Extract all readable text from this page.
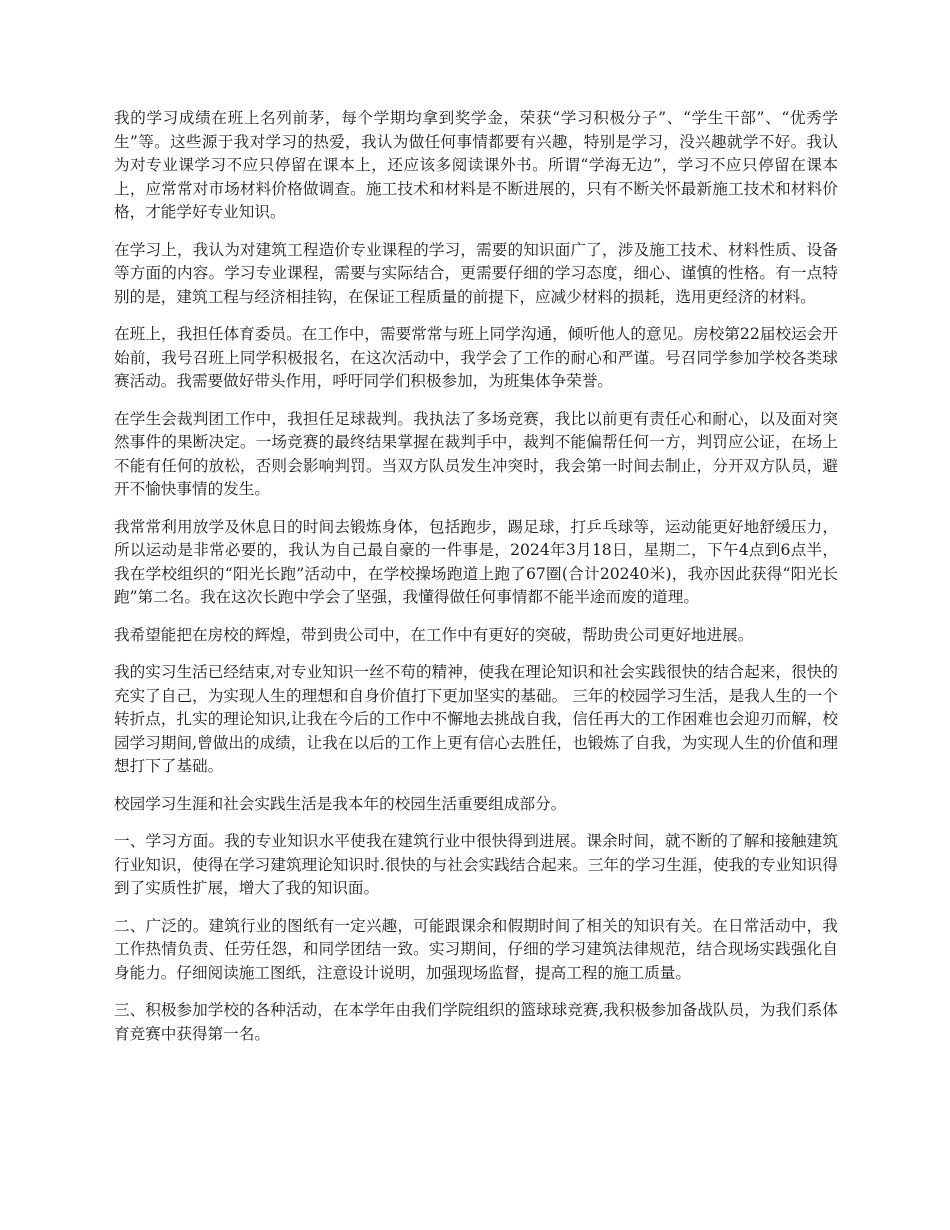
我的学习成绩在班上名列前茅，每个学期均拿到奖学金，荣获“学习积极分子”、“学生干部”、“优秀学生”等。这些源于我对学习的热爱，我认为做任何事情都要有兴趣，特别是学习，没兴趣就学不好。我认为对专业课学习不应只停留在课本上，还应该多阅读课外书。所谓“学海无边”，学习不应只停留在课本上，应常常对市场材料价格做调查。施工技术和材料是不断进展的，只有不断关怀最新施工技术和材料价格，才能学好专业知识。

在学习上，我认为对建筑工程造价专业课程的学习，需要的知识面广了，涉及施工技术、材料性质、设备等方面的内容。学习专业课程，需要与实际结合，更需要仔细的学习态度，细心、谨慎的性格。有一点特别的是，建筑工程与经济相挂钩，在保证工程质量的前提下，应减少材料的损耗，选用更经济的材料。

在班上，我担任体育委员。在工作中，需要常常与班上同学沟通，倾听他人的意见。房校第22届校运会开始前，我号召班上同学积极报名，在这次活动中，我学会了工作的耐心和严谨。号召同学参加学校各类球赛活动。我需要做好带头作用，呼吁同学们积极参加，为班集体争荣誉。

在学生会裁判团工作中，我担任足球裁判。我执法了多场竞赛，我比以前更有责任心和耐心，以及面对突然事件的果断决定。一场竞赛的最终结果掌握在裁判手中，裁判不能偏帮任何一方，判罚应公证，在场上不能有任何的放松，否则会影响判罚。当双方队员发生冲突时，我会第一时间去制止，分开双方队员，避开不愉快事情的发生。

我常常利用放学及休息日的时间去锻炼身体，包括跑步，踢足球，打乒乓球等，运动能更好地舒缓压力，所以运动是非常必要的，我认为自己最自豪的一件事是，2024年3月18日，星期二，下午4点到6点半，我在学校组织的“阳光长跑”活动中，在学校操场跑道上跑了67圈(合计20240米)，我亦因此获得“阳光长跑”第二名。我在这次长跑中学会了坚强，我懂得做任何事情都不能半途而废的道理。

我希望能把在房校的辉煌，带到贵公司中，在工作中有更好的突破，帮助贵公司更好地进展。

我的实习生活已经结束,对专业知识一丝不苟的精神，使我在理论知识和社会实践很快的结合起来，很快的充实了自己，为实现人生的理想和自身价值打下更加坚实的基础。 三年的校园学习生活，是我人生的一个转折点，扎实的理论知识,让我在今后的工作中不懈地去挑战自我，信任再大的工作困难也会迎刃而解，校园学习期间,曾做出的成绩，让我在以后的工作上更有信心去胜任，也锻炼了自我，为实现人生的价值和理想打下了基础。

校园学习生涯和社会实践生活是我本年的校园生活重要组成部分。

一、学习方面。我的专业知识水平使我在建筑行业中很快得到进展。课余时间，就不断的了解和接触建筑行业知识，使得在学习建筑理论知识时.很快的与社会实践结合起来。三年的学习生涯，使我的专业知识得到了实质性扩展，增大了我的知识面。

二、广泛的。建筑行业的图纸有一定兴趣，可能跟课余和假期时间了相关的知识有关。在日常活动中，我工作热情负责、任劳任怨，和同学团结一致。实习期间，仔细的学习建筑法律规范，结合现场实践强化自身能力。仔细阅读施工图纸，注意设计说明，加强现场监督，提高工程的施工质量。

三、积极参加学校的各种活动，在本学年由我们学院组织的篮球球竞赛,我积极参加备战队员，为我们系体育竞赛中获得第一名。
